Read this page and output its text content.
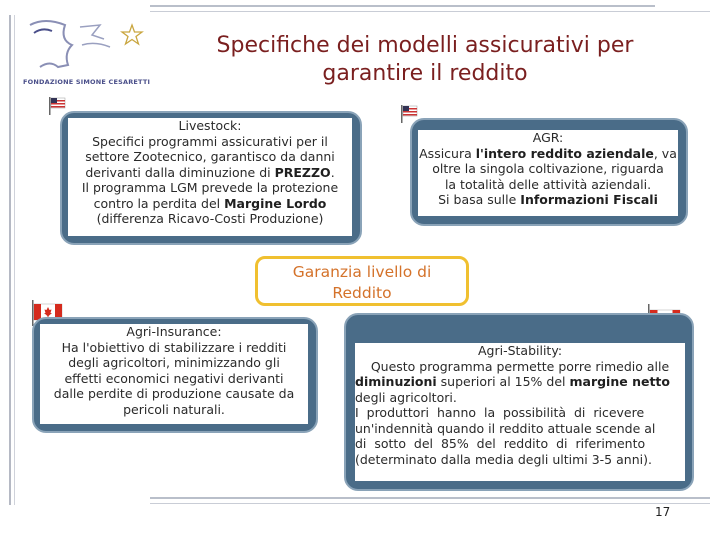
FONDAZIONE SIMONE CESARETTI
Specifiche dei modelli assicurativi per
garantire il reddito
Livestock:
Specifici programmi assicurativi per il
settore Zootecnico, garantisco da danni
derivanti dalla diminuzione di PREZZO.
Il programma LGM prevede la protezione
contro la perdita del Margine Lordo
(differenza Ricavo-Costi Produzione)
AGR:
Assicura l'intero reddito aziendale, va
oltre la singola coltivazione, riguarda
la totalità delle attività aziendali.
Si basa sulle Informazioni Fiscali
Garanzia livello di
Reddito
Agri-Insurance:
Ha l'obiettivo di stabilizzare i redditi
degli agricoltori, minimizzando gli
effetti economici negativi derivanti
dalle perdite di produzione causate da
pericoli naturali.
Agri-Stability:
Questo programma permette porre rimedio alle
diminuzioni superiori al 15% del margine netto
degli agricoltori.
I  produttori  hanno  la  possibilità  di  ricevere
un'indennità quando il reddito attuale scende al
di  sotto  del  85%  del  reddito  di  riferimento
(determinato dalla media degli ultimi 3-5 anni).
17
